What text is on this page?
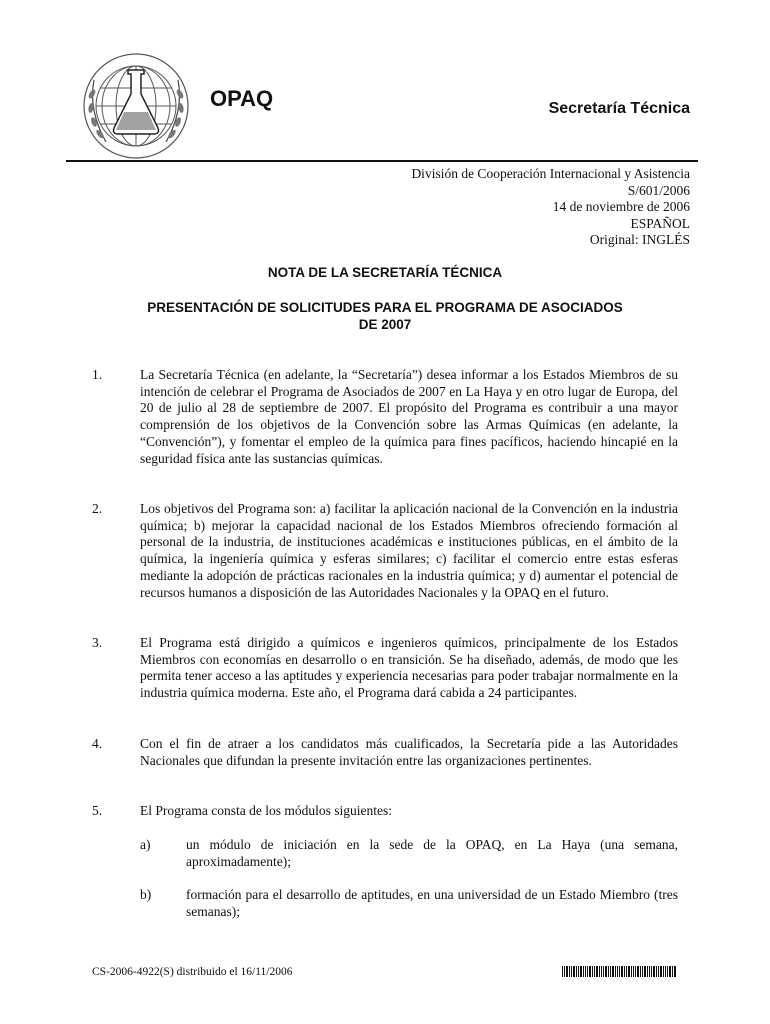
OPAQ	Secretaría Técnica
División de Cooperación Internacional y Asistencia
S/601/2006
14 de noviembre de 2006
ESPAÑOL
Original: INGLÉS
NOTA DE LA SECRETARÍA TÉCNICA
PRESENTACIÓN DE SOLICITUDES PARA EL PROGRAMA DE ASOCIADOS
DE 2007
1.	La Secretaría Técnica (en adelante, la “Secretaría”) desea informar a los Estados Miembros de su intención de celebrar el Programa de Asociados de 2007 en La Haya y en otro lugar de Europa, del 20 de julio al 28 de septiembre de 2007. El propósito del Programa es contribuir a una mayor comprensión de los objetivos de la Convención sobre las Armas Químicas (en adelante, la “Convención”), y fomentar el empleo de la química para fines pacíficos, haciendo hincapié en la seguridad física ante las sustancias químicas.
2.	Los objetivos del Programa son: a) facilitar la aplicación nacional de la Convención en la industria química; b) mejorar la capacidad nacional de los Estados Miembros ofreciendo formación al personal de la industria, de instituciones académicas e instituciones públicas, en el ámbito de la química, la ingeniería química y esferas similares; c) facilitar el comercio entre estas esferas mediante la adopción de prácticas racionales en la industria química; y d) aumentar el potencial de recursos humanos a disposición de las Autoridades Nacionales y la OPAQ en el futuro.
3.	El Programa está dirigido a químicos e ingenieros químicos, principalmente de los Estados Miembros con economías en desarrollo o en transición. Se ha diseñado, además, de modo que les permita tener acceso a las aptitudes y experiencia necesarias para poder trabajar normalmente en la industria química moderna. Este año, el Programa dará cabida a 24 participantes.
4.	Con el fin de atraer a los candidatos más cualificados, la Secretaría pide a las Autoridades Nacionales que difundan la presente invitación entre las organizaciones pertinentes.
5.	El Programa consta de los módulos siguientes:
a)	un módulo de iniciación en la sede de la OPAQ, en La Haya (una semana, aproximadamente);
b)	formación para el desarrollo de aptitudes, en una universidad de un Estado Miembro (tres semanas);
CS-2006-4922(S) distribuido el 16/11/2006
